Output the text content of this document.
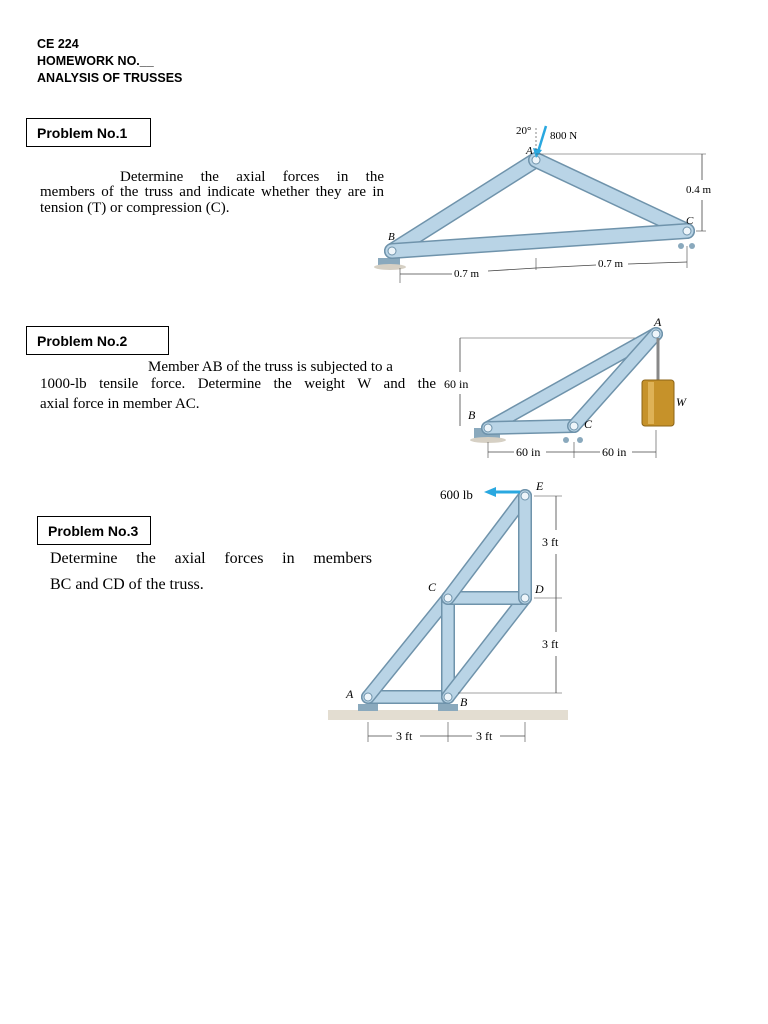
CE 224
HOMEWORK NO.__
ANALYSIS OF TRUSSES
Problem No.1
Determine the axial forces in the
members of the truss and indicate whether they are in
tension (T) or compression (C).
20° 800 N
A
B
C
0.4 m
0.7 m
0.7 m
Problem No.2
Member AB of the truss is subjected to a
1000-lb tensile force. Determine the weight W and the
axial force in member AC.
60 in
A
B
C
W
60 in	60 in
Problem No.3
Determine the axial forces in members
BC and CD of the truss.
600 lb
A
B
C	D
E
3 ft
3 ft
3 ft	3 ft
